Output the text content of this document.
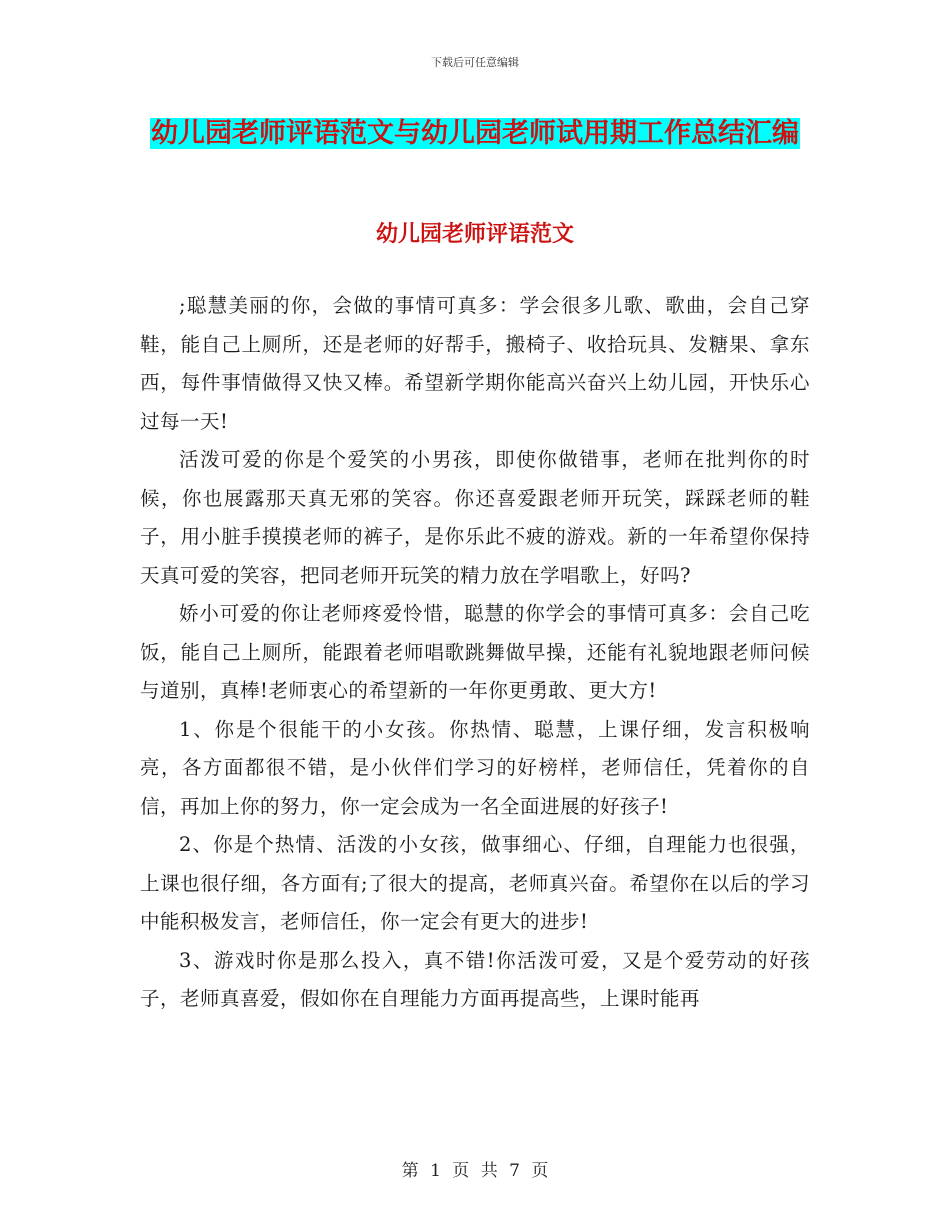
下载后可任意编辑
幼儿园老师评语范文与幼儿园老师试用期工作总结汇编
幼儿园老师评语范文

;聪慧美丽的你，会做的事情可真多：学会很多儿歌、歌曲，会自己穿鞋，能自己上厕所，还是老师的好帮手，搬椅子、收拾玩具、发糖果、拿东西，每件事情做得又快又棒。希望新学期你能高兴奋兴上幼儿园，开快乐心过每一天!

活泼可爱的你是个爱笑的小男孩，即使你做错事，老师在批判你的时候，你也展露那天真无邪的笑容。你还喜爱跟老师开玩笑，踩踩老师的鞋子，用小脏手摸摸老师的裤子，是你乐此不疲的游戏。新的一年希望你保持天真可爱的笑容，把同老师开玩笑的精力放在学唱歌上，好吗?

娇小可爱的你让老师疼爱怜惜，聪慧的你学会的事情可真多：会自己吃饭，能自己上厕所，能跟着老师唱歌跳舞做早操，还能有礼貌地跟老师问候与道别，真棒!老师衷心的希望新的一年你更勇敢、更大方!

1、你是个很能干的小女孩。你热情、聪慧，上课仔细，发言积极响亮，各方面都很不错，是小伙伴们学习的好榜样，老师信任，凭着你的自信，再加上你的努力，你一定会成为一名全面进展的好孩子!

2、你是个热情、活泼的小女孩，做事细心、仔细，自理能力也很强，上课也很仔细，各方面有;了很大的提高，老师真兴奋。希望你在以后的学习中能积极发言，老师信任，你一定会有更大的进步!

3、游戏时你是那么投入，真不错!你活泼可爱，又是个爱劳动的好孩子，老师真喜爱，假如你在自理能力方面再提高些，上课时能再

第 1 页 共 7 页
